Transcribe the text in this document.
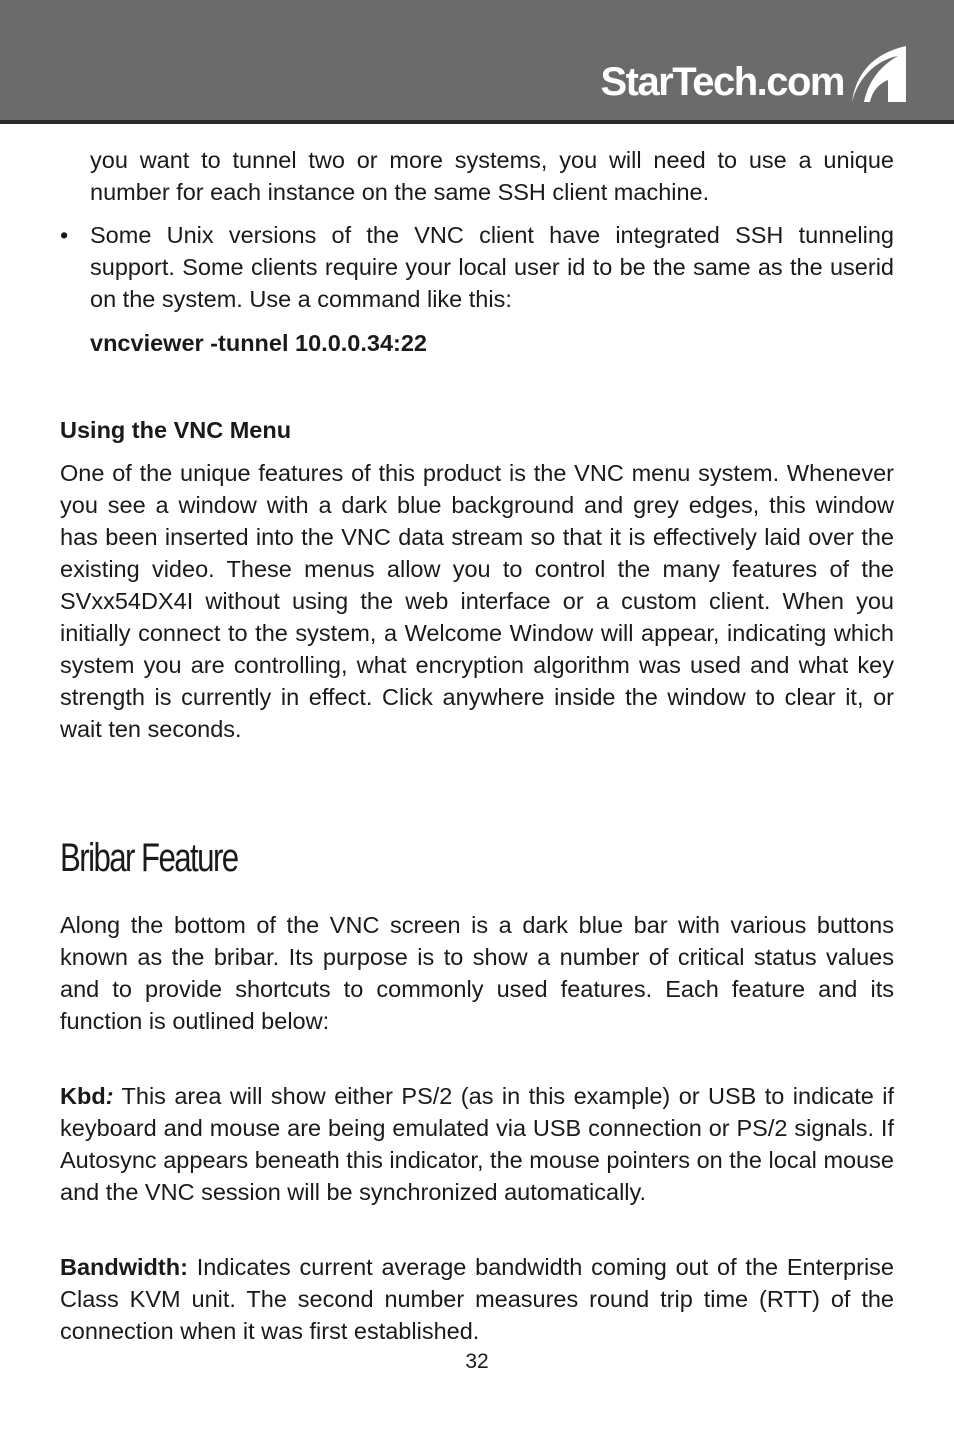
StarTech.com

you want to tunnel two or more systems, you will need to use a unique number for each instance on the same SSH client machine.

• Some Unix versions of the VNC client have integrated SSH tunneling support. Some clients require your local user id to be the same as the userid on the system. Use a command like this:

vncviewer -tunnel 10.0.0.34:22
Using the VNC Menu

One of the unique features of this product is the VNC menu system. Whenever you see a window with a dark blue background and grey edges, this window has been inserted into the VNC data stream so that it is effectively laid over the existing video. These menus allow you to control the many features of the SVxx54DX4I without using the web interface or a custom client. When you initially connect to the system, a Welcome Window will appear, indicating which system you are controlling, what encryption algorithm was used and what key strength is currently in effect. Click anywhere inside the window to clear it, or wait ten seconds.

Bribar Feature

Along the bottom of the VNC screen is a dark blue bar with various buttons known as the bribar. Its purpose is to show a number of critical status values and to provide shortcuts to commonly used features. Each feature and its function is outlined below:

Kbd: This area will show either PS/2 (as in this example) or USB to indicate if keyboard and mouse are being emulated via USB connection or PS/2 signals. If Autosync appears beneath this indicator, the mouse pointers on the local mouse and the VNC session will be synchronized automatically.

Bandwidth: Indicates current average bandwidth coming out of the Enterprise Class KVM unit. The second number measures round trip time (RTT) of the connection when it was first established.

32
